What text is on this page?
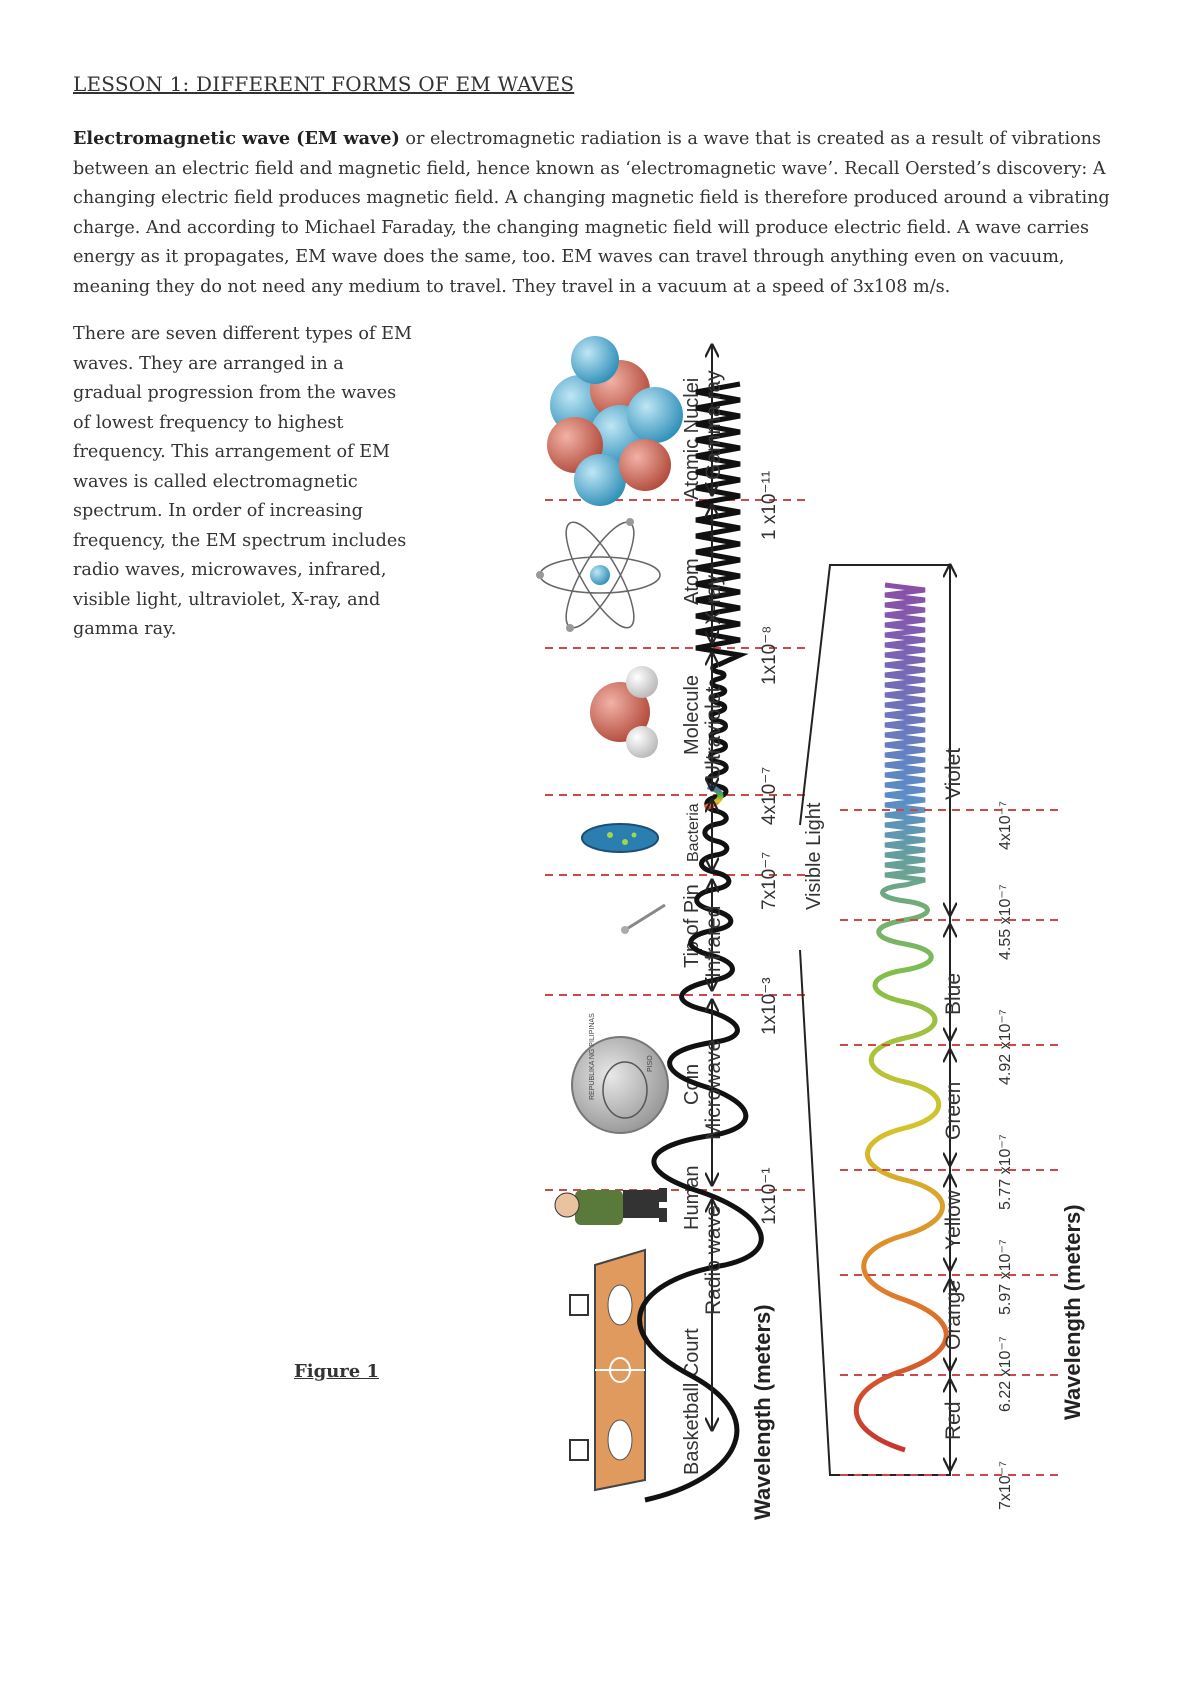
LESSON 1: DIFFERENT FORMS OF EM WAVES
Electromagnetic wave (EM wave) or electromagnetic radiation is a wave that is created as a result of vibrations between an electric field and magnetic field, hence known as ‘electromagnetic wave’. Recall Oersted’s discovery: A changing electric field produces magnetic field. A changing magnetic field is therefore produced around a vibrating charge. And according to Michael Faraday, the changing magnetic field will produce electric field. A wave carries energy as it propagates, EM wave does the same, too. EM waves can travel through anything even on vacuum, meaning they do not need any medium to travel. They travel in a vacuum at a speed of 3x108 m/s.
There are seven different types of EM waves. They are arranged in a gradual progression from the waves of lowest frequency to highest frequency. This arrangement of EM waves is called electromagnetic spectrum. In order of increasing frequency, the EM spectrum includes radio waves, microwaves, infrared, visible light, ultraviolet, X-ray, and gamma ray.
Figure 1
REPUBLIKA NG PILIPINAS	PISO
Basketball Court
Human
Coin
Tip of Pin
Bacteria
Molecule
Atom
Atomic Nuclei
Radio wave
Microwave
Infrared
Ultraviolet
X-ray
Gamma ray
1x10⁻¹
1x10⁻³
7x10⁻⁷
4x10⁻⁷
1x10⁻⁸
1 x10⁻¹¹
Wavelength (meters)
Visible Light
Red
Orange
Yellow
Green
Blue
Violet
7x10⁻⁷
6.22 x10⁻⁷
5.97 x10⁻⁷
5.77 x10⁻⁷
4.92 x10⁻⁷
4.55 x10⁻⁷
4x10⁻⁷
Wavelength (meters)
